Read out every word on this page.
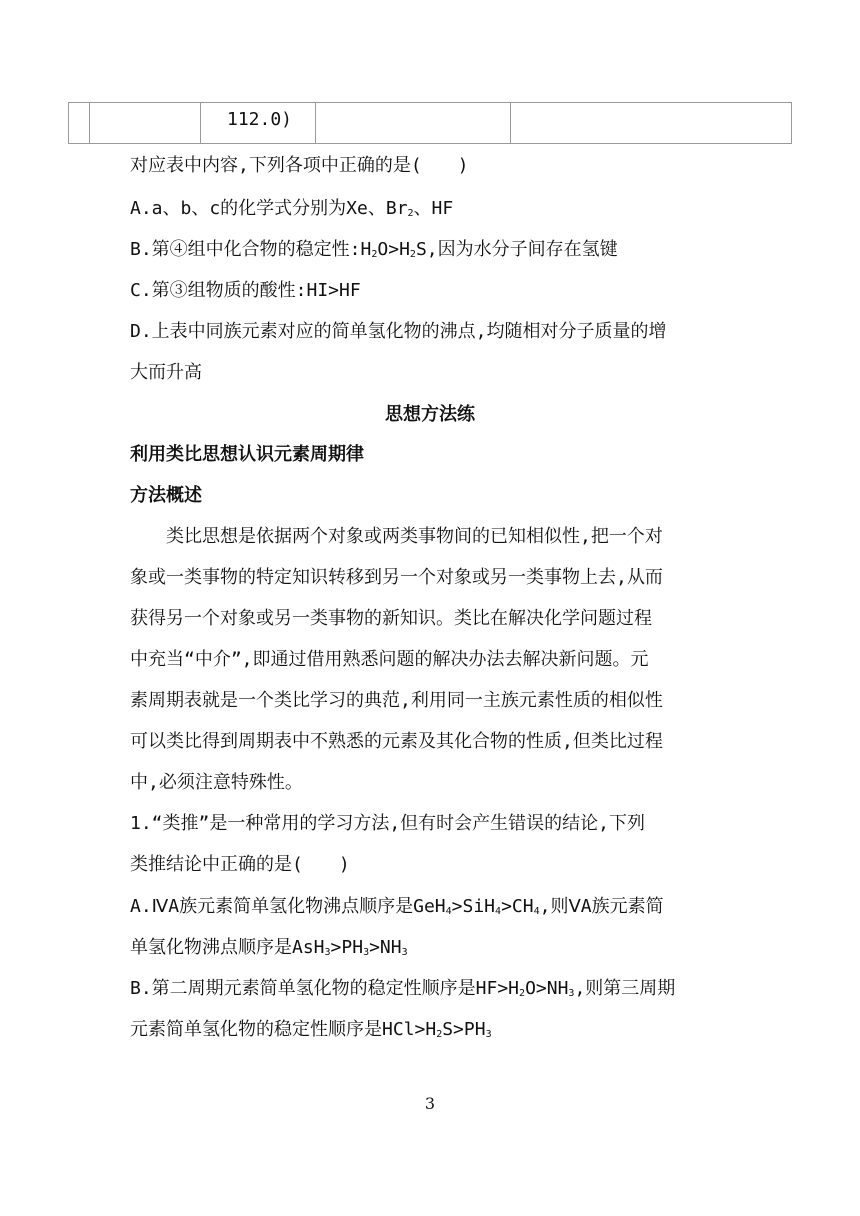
		112.0)		
对应表中内容,下列各项中正确的是(　　)
A.a、b、c的化学式分别为Xe、$Br_2$、HF
B.第④组中化合物的稳定性$:H_2O>H_2S$,因为水分子间存在氢键
C.第③组物质的酸性:HI>HF
D.上表中同族元素对应的简单氢化物的沸点,均随相对分子质量的增
大而升高
思想方法练
利用类比思想认识元素周期律
方法概述
　　类比思想是依据两个对象或两类事物间的已知相似性,把一个对
象或一类事物的特定知识转移到另一个对象或另一类事物上去,从而
获得另一个对象或另一类事物的新知识。类比在解决化学问题过程
中充当“中介”,即通过借用熟悉问题的解决办法去解决新问题。元
素周期表就是一个类比学习的典范,利用同一主族元素性质的相似性
可以类比得到周期表中不熟悉的元素及其化合物的性质,但类比过程
中,必须注意特殊性。
1.“类推”是一种常用的学习方法,但有时会产生错误的结论,下列
类推结论中正确的是(　　)
A.ⅣA族元素简单氢化物沸点顺序是$GeH_4>SiH_4>CH_4$,则ⅤA族元素简
单氢化物沸点顺序是$AsH_3>PH_3>NH_3$
B.第二周期元素简单氢化物的稳定性顺序是$HF>H_2O>NH_3$,则第三周期
元素简单氢化物的稳定性顺序是$HCl>H_2S>PH_3$
3
